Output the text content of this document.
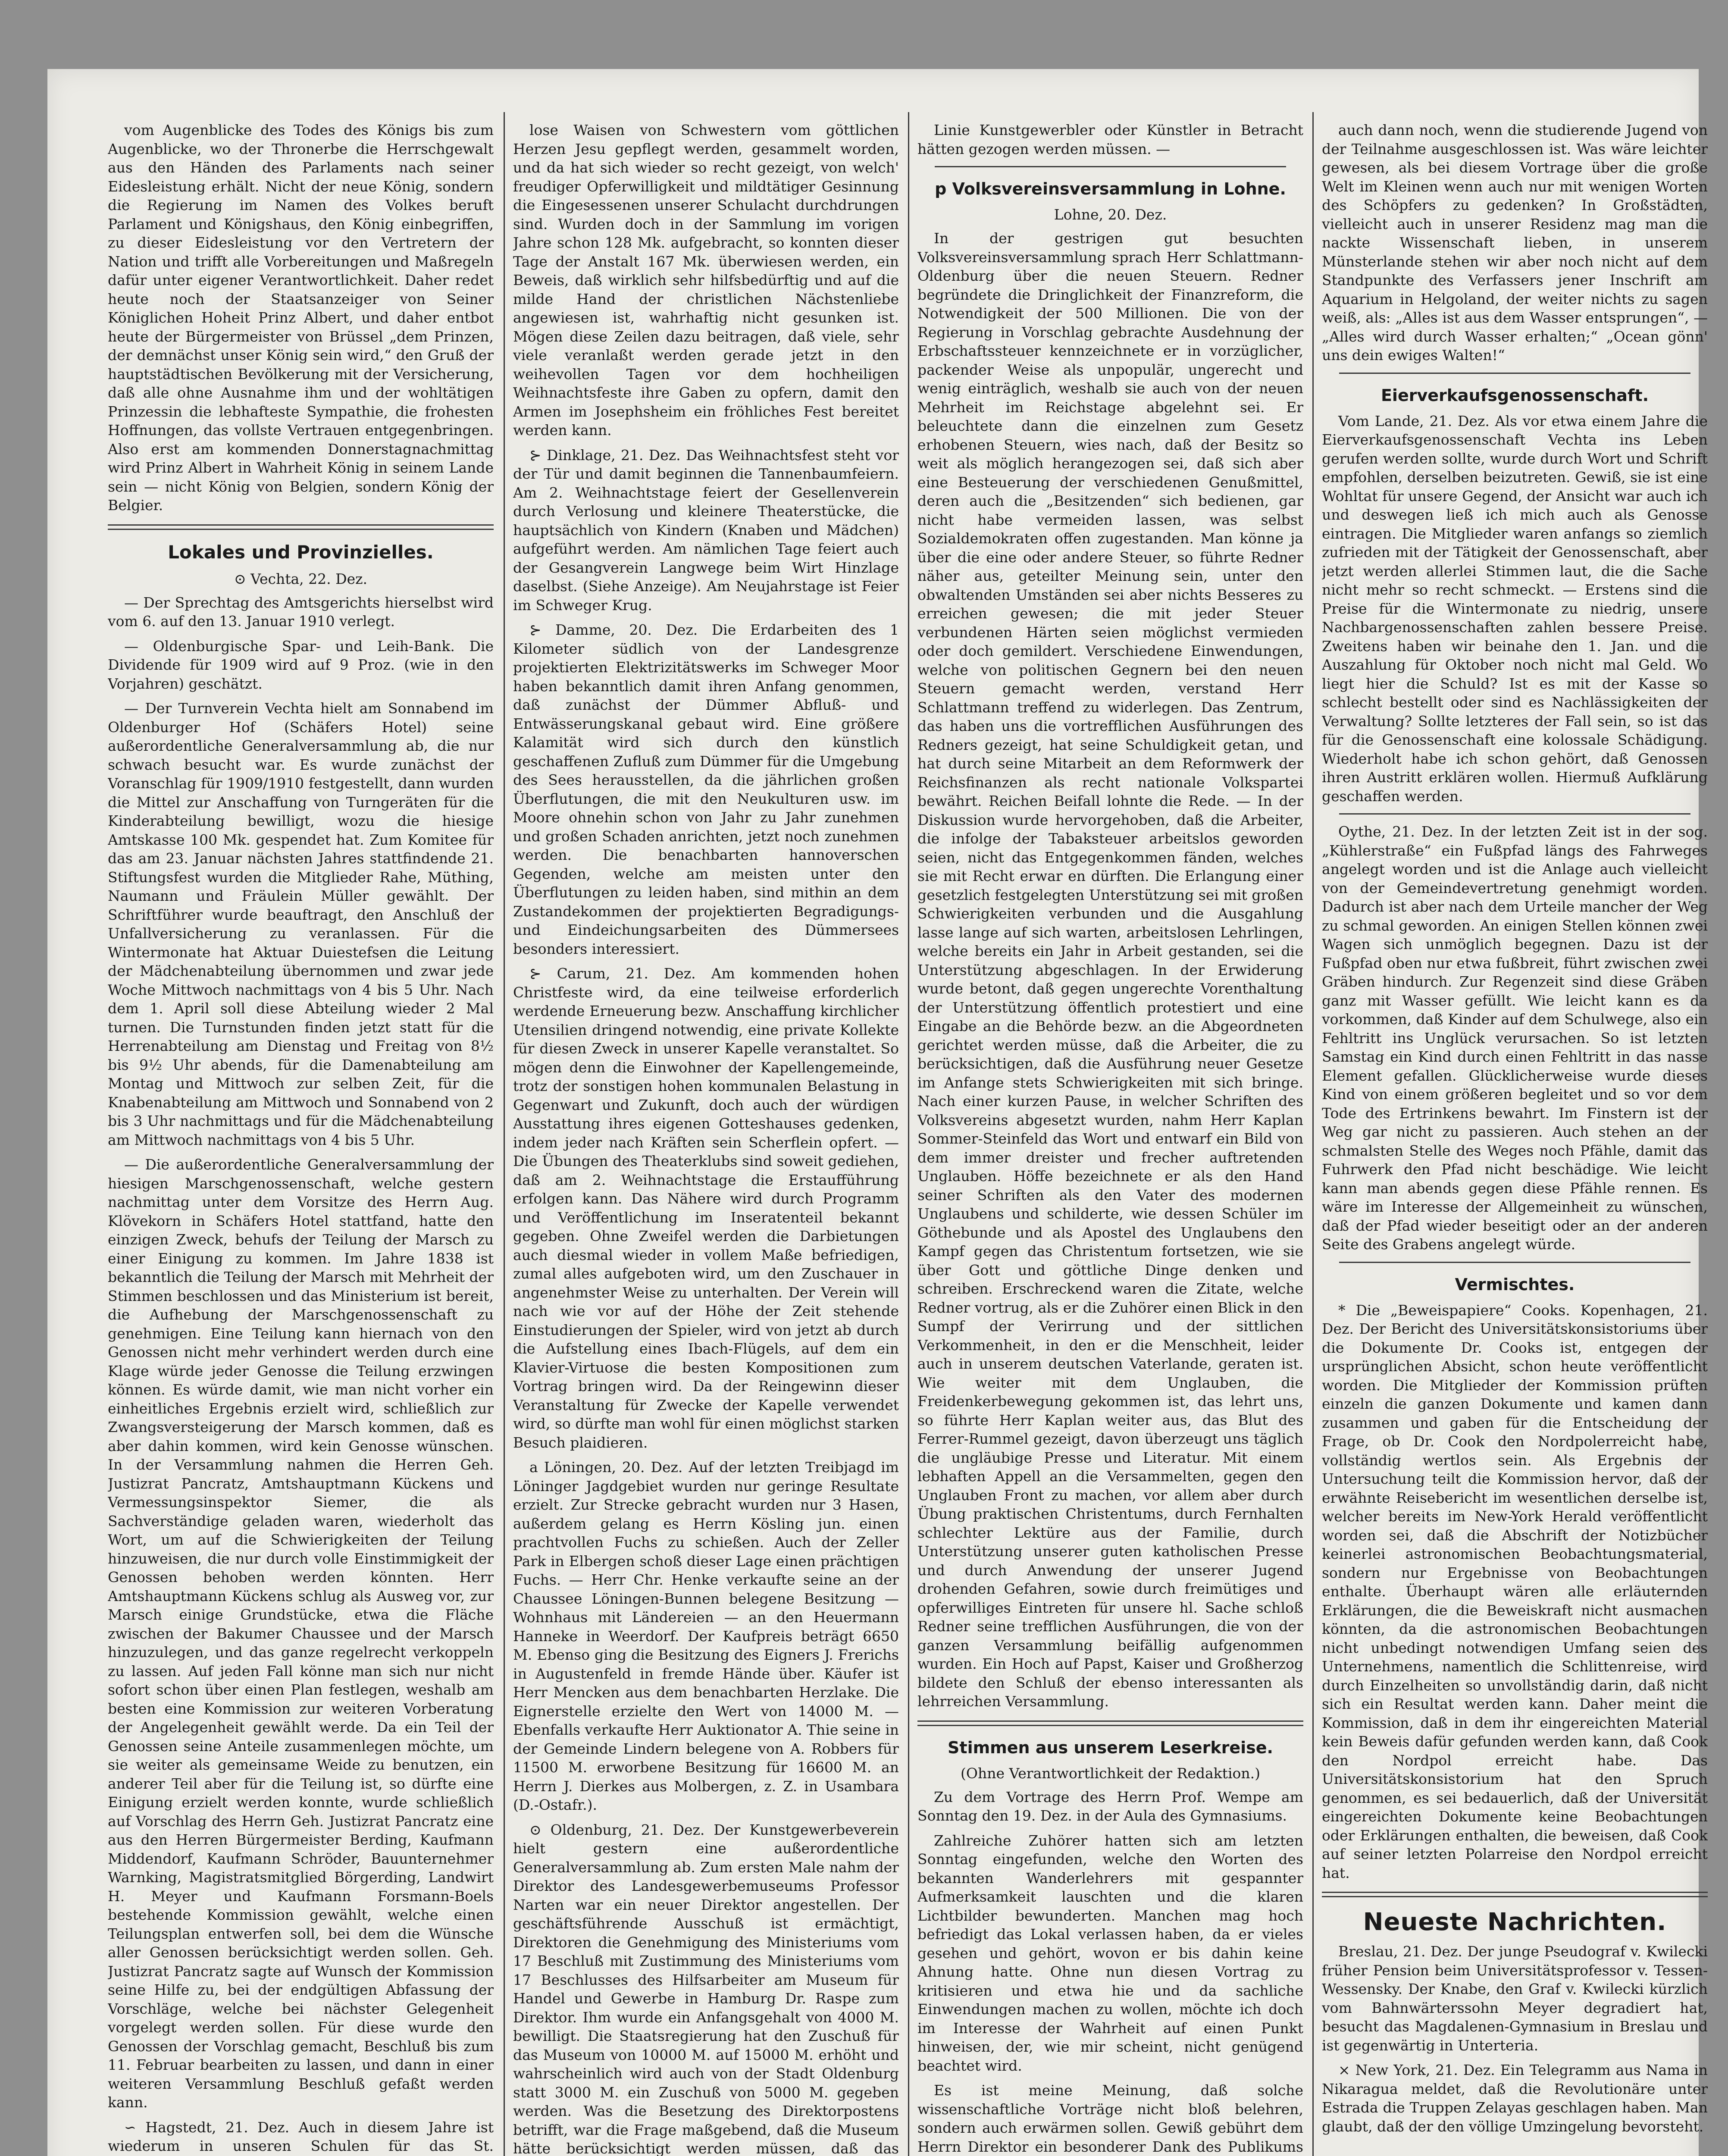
vom Augenblicke des Todes des Königs bis zum Augenblicke, wo der Thronerbe die Herrschgewalt aus den Händen des Parlaments nach seiner Eidesleistung erhält. Nicht der neue König, sondern die Regierung im Namen des Volkes beruft Parlament und Königshaus, den König einbegriffen, zu dieser Eidesleistung vor den Vertretern der Nation und trifft alle Vorbereitungen und Maßregeln dafür unter eigener Verantwortlichkeit. Daher redet heute noch der Staatsanzeiger von Seiner Königlichen Hoheit Prinz Albert, und daher entbot heute der Bürgermeister von Brüssel „dem Prinzen, der demnächst unser König sein wird,“ den Gruß der hauptstädtischen Bevölkerung mit der Versicherung, daß alle ohne Ausnahme ihm und der wohltätigen Prinzessin die lebhafteste Sympathie, die frohesten Hoffnungen, das vollste Vertrauen entgegenbringen. Also erst am kommenden Donnerstagnachmittag wird Prinz Albert in Wahrheit König in seinem Lande sein — nicht König von Belgien, sondern König der Belgier.

Lokales und Provinzielles.
⊙ Vechta, 22. Dez.

— Der Sprechtag des Amtsgerichts hierselbst wird vom 6. auf den 13. Januar 1910 verlegt.

— Oldenburgische Spar- und Leih-Bank. Die Dividende für 1909 wird auf 9 Proz. (wie in den Vorjahren) geschätzt.

— Der Turnverein Vechta hielt am Sonnabend im Oldenburger Hof (Schäfers Hotel) seine außerordentliche Generalversammlung ab, die nur schwach besucht war. Es wurde zunächst der Voranschlag für 1909/1910 festgestellt, dann wurden die Mittel zur Anschaffung von Turngeräten für die Kinderabteilung bewilligt, wozu die hiesige Amtskasse 100 Mk. gespendet hat. Zum Komitee für das am 23. Januar nächsten Jahres stattfindende 21. Stiftungsfest wurden die Mitglieder Rahe, Müthing, Naumann und Fräulein Müller gewählt. Der Schriftführer wurde beauftragt, den Anschluß der Unfallversicherung zu veranlassen. Für die Wintermonate hat Aktuar Duiestefsen die Leitung der Mädchenabteilung übernommen und zwar jede Woche Mittwoch nachmittags von 4 bis 5 Uhr. Nach dem 1. April soll diese Abteilung wieder 2 Mal turnen. Die Turnstunden finden jetzt statt für die Herrenabteilung am Dienstag und Freitag von 8½ bis 9½ Uhr abends, für die Damenabteilung am Montag und Mittwoch zur selben Zeit, für die Knabenabteilung am Mittwoch und Sonnabend von 2 bis 3 Uhr nachmittags und für die Mädchenabteilung am Mittwoch nachmittags von 4 bis 5 Uhr.

— Die außerordentliche Generalversammlung der hiesigen Marschgenossenschaft, welche gestern nachmittag unter dem Vorsitze des Herrn Aug. Klövekorn in Schäfers Hotel stattfand, hatte den einzigen Zweck, behufs der Teilung der Marsch zu einer Einigung zu kommen. Im Jahre 1838 ist bekanntlich die Teilung der Marsch mit Mehrheit der Stimmen beschlossen und das Ministerium ist bereit, die Aufhebung der Marschgenossenschaft zu genehmigen. Eine Teilung kann hiernach von den Genossen nicht mehr verhindert werden durch eine Klage würde jeder Genosse die Teilung erzwingen können. Es würde damit, wie man nicht vorher ein einheitliches Ergebnis erzielt wird, schließlich zur Zwangsversteigerung der Marsch kommen, daß es aber dahin kommen, wird kein Genosse wünschen. In der Versammlung nahmen die Herren Geh. Justizrat Pancratz, Amtshauptmann Kückens und Vermessungsinspektor Siemer, die als Sachverständige geladen waren, wiederholt das Wort, um auf die Schwierigkeiten der Teilung hinzuweisen, die nur durch volle Einstimmigkeit der Genossen behoben werden könnten. Herr Amtshauptmann Kückens schlug als Ausweg vor, zur Marsch einige Grundstücke, etwa die Fläche zwischen der Bakumer Chaussee und der Marsch hinzuzulegen, und das ganze regelrecht verkoppeln zu lassen. Auf jeden Fall könne man sich nur nicht sofort schon über einen Plan festlegen, weshalb am besten eine Kommission zur weiteren Vorberatung der Angelegenheit gewählt werde. Da ein Teil der Genossen seine Anteile zusammenlegen möchte, um sie weiter als gemeinsame Weide zu benutzen, ein anderer Teil aber für die Teilung ist, so dürfte eine Einigung erzielt werden konnte, wurde schließlich auf Vorschlag des Herrn Geh. Justizrat Pancratz eine aus den Herren Bürgermeister Berding, Kaufmann Middendorf, Kaufmann Schröder, Bauunternehmer Warnking, Magistratsmitglied Börgerding, Landwirt H. Meyer und Kaufmann Forsmann-Boels bestehende Kommission gewählt, welche einen Teilungsplan entwerfen soll, bei dem die Wünsche aller Genossen berücksichtigt werden sollen. Geh. Justizrat Pancratz sagte auf Wunsch der Kommission seine Hilfe zu, bei der endgültigen Abfassung der Vorschläge, welche bei nächster Gelegenheit vorgelegt werden sollen. Für diese wurde den Genossen der Vorschlag gemacht, Beschluß bis zum 11. Februar bearbeiten zu lassen, und dann in einer weiteren Versammlung Beschluß gefaßt werden kann.

∽ Hagstedt, 21. Dez. Auch in diesem Jahre ist wiederum in unseren Schulen für das St.

lose Waisen von Schwestern vom göttlichen Herzen Jesu gepflegt werden, gesammelt worden, und da hat sich wieder so recht gezeigt, von welch' freudiger Opferwilligkeit und mildtätiger Gesinnung die Eingesessenen unserer Schulacht durchdrungen sind. Wurden doch in der Sammlung im vorigen Jahre schon 128 Mk. aufgebracht, so konnten dieser Tage der Anstalt 167 Mk. überwiesen werden, ein Beweis, daß wirklich sehr hilfsbedürftig und auf die milde Hand der christlichen Nächstenliebe angewiesen ist, wahrhaftig nicht gesunken ist. Mögen diese Zeilen dazu beitragen, daß viele, sehr viele veranlaßt werden gerade jetzt in den weihevollen Tagen vor dem hochheiligen Weihnachtsfeste ihre Gaben zu opfern, damit den Armen im Josephsheim ein fröhliches Fest bereitet werden kann.

⊱ Dinklage, 21. Dez. Das Weihnachtsfest steht vor der Tür und damit beginnen die Tannenbaumfeiern. Am 2. Weihnachtstage feiert der Gesellenverein durch Verlosung und kleinere Theaterstücke, die hauptsächlich von Kindern (Knaben und Mädchen) aufgeführt werden. Am nämlichen Tage feiert auch der Gesangverein Langwege beim Wirt Hinzlage daselbst. (Siehe Anzeige). Am Neujahrstage ist Feier im Schweger Krug.

⊱ Damme, 20. Dez. Die Erdarbeiten des 1 Kilometer südlich von der Landesgrenze projektierten Elektrizitätswerks im Schweger Moor haben bekanntlich damit ihren Anfang genommen, daß zunächst der Dümmer Abfluß- und Entwässerungskanal gebaut wird. Eine größere Kalamität wird sich durch den künstlich geschaffenen Zufluß zum Dümmer für die Umgebung des Sees herausstellen, da die jährlichen großen Überflutungen, die mit den Neukulturen usw. im Moore ohnehin schon von Jahr zu Jahr zunehmen und großen Schaden anrichten, jetzt noch zunehmen werden. Die benachbarten hannoverschen Gegenden, welche am meisten unter den Überflutungen zu leiden haben, sind mithin an dem Zustandekommen der projektierten Begradigungs- und Eindeichungsarbeiten des Dümmersees besonders interessiert.

⊱ Carum, 21. Dez. Am kommenden hohen Christfeste wird, da eine teilweise erforderlich werdende Erneuerung bezw. Anschaffung kirchlicher Utensilien dringend notwendig, eine private Kollekte für diesen Zweck in unserer Kapelle veranstaltet. So mögen denn die Einwohner der Kapellengemeinde, trotz der sonstigen hohen kommunalen Belastung in Gegenwart und Zukunft, doch auch der würdigen Ausstattung ihres eigenen Gotteshauses gedenken, indem jeder nach Kräften sein Scherflein opfert. — Die Übungen des Theaterklubs sind soweit gediehen, daß am 2. Weihnachtstage die Erstaufführung erfolgen kann. Das Nähere wird durch Programm und Veröffentlichung im Inseratenteil bekannt gegeben. Ohne Zweifel werden die Darbietungen auch diesmal wieder in vollem Maße befriedigen, zumal alles aufgeboten wird, um den Zuschauer in angenehmster Weise zu unterhalten. Der Verein will nach wie vor auf der Höhe der Zeit stehende Einstudierungen der Spieler, wird von jetzt ab durch die Aufstellung eines Ibach-Flügels, auf dem ein Klavier-Virtuose die besten Kompositionen zum Vortrag bringen wird. Da der Reingewinn dieser Veranstaltung für Zwecke der Kapelle verwendet wird, so dürfte man wohl für einen möglichst starken Besuch plaidieren.

a Löningen, 20. Dez. Auf der letzten Treibjagd im Löninger Jagdgebiet wurden nur geringe Resultate erzielt. Zur Strecke gebracht wurden nur 3 Hasen, außerdem gelang es Herrn Kösling jun. einen prachtvollen Fuchs zu schießen. Auch der Zeller Park in Elbergen schoß dieser Lage einen prächtigen Fuchs. — Herr Chr. Henke verkaufte seine an der Chaussee Löningen-Bunnen belegene Besitzung — Wohnhaus mit Ländereien — an den Heuermann Hanneke in Weerdorf. Der Kaufpreis beträgt 6650 M. Ebenso ging die Besitzung des Eigners J. Frerichs in Augustenfeld in fremde Hände über. Käufer ist Herr Mencken aus dem benachbarten Herzlake. Die Eignerstelle erzielte den Wert von 14000 M. — Ebenfalls verkaufte Herr Auktionator A. Thie seine in der Gemeinde Lindern belegene von A. Robbers für 11500 M. erworbene Besitzung für 16600 M. an Herrn J. Dierkes aus Molbergen, z. Z. in Usambara (D.-Ostafr.).

⊙ Oldenburg, 21. Dez. Der Kunstgewerbeverein hielt gestern eine außerordentliche Generalversammlung ab. Zum ersten Male nahm der Direktor des Landesgewerbemuseums Professor Narten war ein neuer Direktor angestellen. Der geschäftsführende Ausschuß ist ermächtigt, Direktoren die Genehmigung des Ministeriums vom 17 Beschluß mit Zustimmung des Ministeriums vom 17 Beschlusses des Hilfsarbeiter am Museum für Handel und Gewerbe in Hamburg Dr. Raspe zum Direktor. Ihm wurde ein Anfangsgehalt von 4000 M. bewilligt. Die Staatsregierung hat den Zuschuß für das Museum von 10000 M. auf 15000 M. erhöht und wahrscheinlich wird auch von der Stadt Oldenburg statt 3000 M. ein Zuschuß von 5000 M. gegeben werden. Was die Besetzung des Direktorpostens betrifft, war die Frage maßgebend, daß die Museum hätte berücksichtigt werden müssen, daß das

Linie Kunstgewerbler oder Künstler in Betracht hätten gezogen werden müssen. —

p Volksvereinsversammlung in Lohne.
Lohne, 20. Dez.

In der gestrigen gut besuchten Volksvereinsversammlung sprach Herr Schlattmann-Oldenburg über die neuen Steuern. Redner begründete die Dringlichkeit der Finanzreform, die Notwendigkeit der 500 Millionen. Die von der Regierung in Vorschlag gebrachte Ausdehnung der Erbschaftssteuer kennzeichnete er in vorzüglicher, packender Weise als unpopulär, ungerecht und wenig einträglich, weshalb sie auch von der neuen Mehrheit im Reichstage abgelehnt sei. Er beleuchtete dann die einzelnen zum Gesetz erhobenen Steuern, wies nach, daß der Besitz so weit als möglich herangezogen sei, daß sich aber eine Besteuerung der verschiedenen Genußmittel, deren auch die „Besitzenden“ sich bedienen, gar nicht habe vermeiden lassen, was selbst Sozialdemokraten offen zugestanden. Man könne ja über die eine oder andere Steuer, so führte Redner näher aus, geteilter Meinung sein, unter den obwaltenden Umständen sei aber nichts Besseres zu erreichen gewesen; die mit jeder Steuer verbundenen Härten seien möglichst vermieden oder doch gemildert. Verschiedene Einwendungen, welche von politischen Gegnern bei den neuen Steuern gemacht werden, verstand Herr Schlattmann treffend zu widerlegen. Das Zentrum, das haben uns die vortrefflichen Ausführungen des Redners gezeigt, hat seine Schuldigkeit getan, und hat durch seine Mitarbeit an dem Reformwerk der Reichsfinanzen als recht nationale Volkspartei bewährt. Reichen Beifall lohnte die Rede. — In der Diskussion wurde hervorgehoben, daß die Arbeiter, die infolge der Tabaksteuer arbeitslos geworden seien, nicht das Entgegenkommen fänden, welches sie mit Recht erwar en dürften. Die Erlangung einer gesetzlich festgelegten Unterstützung sei mit großen Schwierigkeiten verbunden und die Ausgahlung lasse lange auf sich warten, arbeitslosen Lehrlingen, welche bereits ein Jahr in Arbeit gestanden, sei die Unterstützung abgeschlagen. In der Erwiderung wurde betont, daß gegen ungerechte Vorenthaltung der Unterstützung öffentlich protestiert und eine Eingabe an die Behörde bezw. an die Abgeordneten gerichtet werden müsse, daß die Arbeiter, die zu berücksichtigen, daß die Ausführung neuer Gesetze im Anfange stets Schwierigkeiten mit sich bringe. Nach einer kurzen Pause, in welcher Schriften des Volksvereins abgesetzt wurden, nahm Herr Kaplan Sommer-Steinfeld das Wort und entwarf ein Bild von dem immer dreister und frecher auftretenden Unglauben. Höffe bezeichnete er als den Hand seiner Schriften als den Vater des modernen Unglaubens und schilderte, wie dessen Schüler im Göthebunde und als Apostel des Unglaubens den Kampf gegen das Christentum fortsetzen, wie sie über Gott und göttliche Dinge denken und schreiben. Erschreckend waren die Zitate, welche Redner vortrug, als er die Zuhörer einen Blick in den Sumpf der Verirrung und der sittlichen Verkommenheit, in den er die Menschheit, leider auch in unserem deutschen Vaterlande, geraten ist. Wie weiter mit dem Unglauben, die Freidenkerbewegung gekommen ist, das lehrt uns, so führte Herr Kaplan weiter aus, das Blut des Ferrer-Rummel gezeigt, davon überzeugt uns täglich die ungläubige Presse und Literatur. Mit einem lebhaften Appell an die Versammelten, gegen den Unglauben Front zu machen, vor allem aber durch Übung praktischen Christentums, durch Fernhalten schlechter Lektüre aus der Familie, durch Unterstützung unserer guten katholischen Presse und durch Anwendung der unserer Jugend drohenden Gefahren, sowie durch freimütiges und opferwilliges Eintreten für unsere hl. Sache schloß Redner seine trefflichen Ausführungen, die von der ganzen Versammlung beifällig aufgenommen wurden. Ein Hoch auf Papst, Kaiser und Großherzog bildete den Schluß der ebenso interessanten als lehrreichen Versammlung.

Stimmen aus unserem Leserkreise.
(Ohne Verantwortlichkeit der Redaktion.)

Zu dem Vortrage des Herrn Prof. Wempe am Sonntag den 19. Dez. in der Aula des Gymnasiums.

Zahlreiche Zuhörer hatten sich am letzten Sonntag eingefunden, welche den Worten des bekannten Wanderlehrers mit gespannter Aufmerksamkeit lauschten und die klaren Lichtbilder bewunderten. Manchen mag hoch befriedigt das Lokal verlassen haben, da er vieles gesehen und gehört, wovon er bis dahin keine Ahnung hatte. Ohne nun diesen Vortrag zu kritisieren und etwa hie und da sachliche Einwendungen machen zu wollen, möchte ich doch im Interesse der Wahrheit auf einen Punkt hinweisen, der, wie mir scheint, nicht genügend beachtet wird.

Es ist meine Meinung, daß solche wissenschaftliche Vorträge nicht bloß belehren, sondern auch erwärmen sollen. Gewiß gebührt dem Herrn Direktor ein besonderer Dank des Publikums

auch dann noch, wenn die studierende Jugend von der Teilnahme ausgeschlossen ist. Was wäre leichter gewesen, als bei diesem Vortrage über die große Welt im Kleinen wenn auch nur mit wenigen Worten des Schöpfers zu gedenken? In Großstädten, vielleicht auch in unserer Residenz mag man die nackte Wissenschaft lieben, in unserem Münsterlande stehen wir aber noch nicht auf dem Standpunkte des Verfassers jener Inschrift am Aquarium in Helgoland, der weiter nichts zu sagen weiß, als: „Alles ist aus dem Wasser entsprungen“, — „Alles wird durch Wasser erhalten;“ „Ocean gönn' uns dein ewiges Walten!“

Eierverkaufsgenossenschaft.

Vom Lande, 21. Dez. Als vor etwa einem Jahre die Eierverkaufsgenossenschaft Vechta ins Leben gerufen werden sollte, wurde durch Wort und Schrift empfohlen, derselben beizutreten. Gewiß, sie ist eine Wohltat für unsere Gegend, der Ansicht war auch ich und deswegen ließ ich mich auch als Genosse eintragen. Die Mitglieder waren anfangs so ziemlich zufrieden mit der Tätigkeit der Genossenschaft, aber jetzt werden allerlei Stimmen laut, die die Sache nicht mehr so recht schmeckt. — Erstens sind die Preise für die Wintermonate zu niedrig, unsere Nachbargenossenschaften zahlen bessere Preise. Zweitens haben wir beinahe den 1. Jan. und die Auszahlung für Oktober noch nicht mal Geld. Wo liegt hier die Schuld? Ist es mit der Kasse so schlecht bestellt oder sind es Nachlässigkeiten der Verwaltung? Sollte letzteres der Fall sein, so ist das für die Genossenschaft eine kolossale Schädigung. Wiederholt habe ich schon gehört, daß Genossen ihren Austritt erklären wollen. Hiermuß Aufklärung geschaffen werden.

Oythe, 21. Dez. In der letzten Zeit ist in der sog. „Kühlerstraße“ ein Fußpfad längs des Fahrweges angelegt worden und ist die Anlage auch vielleicht von der Gemeindevertretung genehmigt worden. Dadurch ist aber nach dem Urteile mancher der Weg zu schmal geworden. An einigen Stellen können zwei Wagen sich unmöglich begegnen. Dazu ist der Fußpfad oben nur etwa fußbreit, führt zwischen zwei Gräben hindurch. Zur Regenzeit sind diese Gräben ganz mit Wasser gefüllt. Wie leicht kann es da vorkommen, daß Kinder auf dem Schulwege, also ein Fehltritt ins Unglück verursachen. So ist letzten Samstag ein Kind durch einen Fehltritt in das nasse Element gefallen. Glücklicherweise wurde dieses Kind von einem größeren begleitet und so vor dem Tode des Ertrinkens bewahrt. Im Finstern ist der Weg gar nicht zu passieren. Auch stehen an der schmalsten Stelle des Weges noch Pfähle, damit das Fuhrwerk den Pfad nicht beschädige. Wie leicht kann man abends gegen diese Pfähle rennen. Es wäre im Interesse der Allgemeinheit zu wünschen, daß der Pfad wieder beseitigt oder an der anderen Seite des Grabens angelegt würde.

Vermischtes.

* Die „Beweispapiere“ Cooks. Kopenhagen, 21. Dez. Der Bericht des Universitätskonsistoriums über die Dokumente Dr. Cooks ist, entgegen der ursprünglichen Absicht, schon heute veröffentlicht worden. Die Mitglieder der Kommission prüften einzeln die ganzen Dokumente und kamen dann zusammen und gaben für die Entscheidung der Frage, ob Dr. Cook den Nordpolerreicht habe, vollständig wertlos sein. Als Ergebnis der Untersuchung teilt die Kommission hervor, daß der erwähnte Reisebericht im wesentlichen derselbe ist, welcher bereits im New-York Herald veröffentlicht worden sei, daß die Abschrift der Notizbücher keinerlei astronomischen Beobachtungsmaterial, sondern nur Ergebnisse von Beobachtungen enthalte. Überhaupt wären alle erläuternden Erklärungen, die die Beweiskraft nicht ausmachen könnten, da die astronomischen Beobachtungen nicht unbedingt notwendigen Umfang seien des Unternehmens, namentlich die Schlittenreise, wird durch Einzelheiten so unvollständig darin, daß nicht sich ein Resultat werden kann. Daher meint die Kommission, daß in dem ihr eingereichten Material kein Beweis dafür gefunden werden kann, daß Cook den Nordpol erreicht habe. Das Universitätskonsistorium hat den Spruch genommen, es sei bedauerlich, daß der Universität eingereichten Dokumente keine Beobachtungen oder Erklärungen enthalten, die beweisen, daß Cook auf seiner letzten Polarreise den Nordpol erreicht hat.

Neueste Nachrichten.

Breslau, 21. Dez. Der junge Pseudograf v. Kwilecki früher Pension beim Universitätsprofessor v. Tessen-Wessensky. Der Knabe, den Graf v. Kwilecki kürzlich vom Bahnwärterssohn Meyer degradiert hat, besucht das Magdalenen-Gymnasium in Breslau und ist gegenwärtig in Unterteria.

× New York, 21. Dez. Ein Telegramm aus Nama in Nikaragua meldet, daß die Revolutionäre unter Estrada die Truppen Zelayas geschlagen haben. Man glaubt, daß der den völlige Umzingelung bevorsteht.
